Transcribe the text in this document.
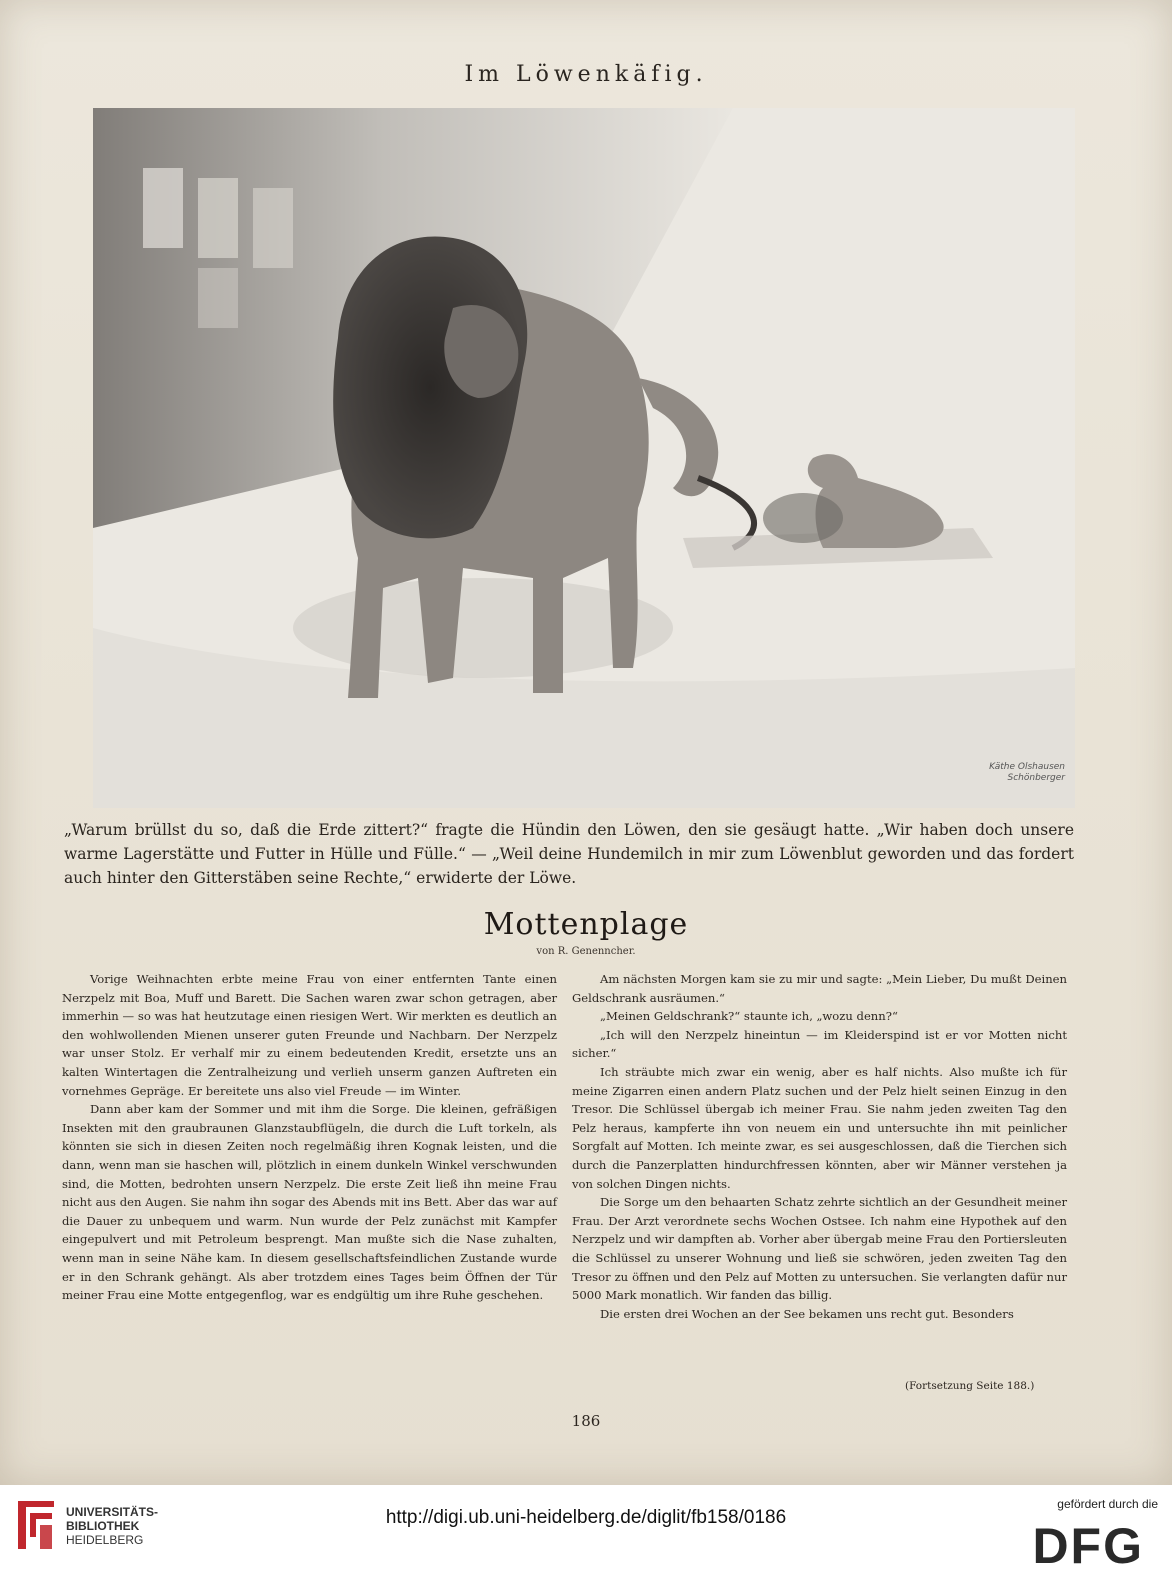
Im Löwenkäfig.
Käthe Olshausen
Schönberger
„Warum brüllst du so, daß die Erde zittert?“ fragte die Hündin den Löwen, den sie gesäugt hatte. „Wir haben doch unsere warme Lagerstätte und Futter in Hülle und Fülle.“ — „Weil deine Hundemilch in mir zum Löwenblut geworden und das fordert auch hinter den Gitterstäben seine Rechte,“ erwiderte der Löwe.
Mottenplage
von R. Genenncher.

Vorige Weihnachten erbte meine Frau von einer entfernten Tante einen Nerzpelz mit Boa, Muff und Barett. Die Sachen waren zwar schon getragen, aber immerhin — so was hat heutzutage einen riesigen Wert. Wir merkten es deutlich an den wohlwollenden Mienen unserer guten Freunde und Nachbarn. Der Nerzpelz war unser Stolz. Er verhalf mir zu einem bedeutenden Kredit, ersetzte uns an kalten Wintertagen die Zentralheizung und verlieh unserm ganzen Auftreten ein vornehmes Gepräge. Er bereitete uns also viel Freude — im Winter.

Dann aber kam der Sommer und mit ihm die Sorge. Die kleinen, gefräßigen Insekten mit den graubraunen Glanzstaubflügeln, die durch die Luft torkeln, als könnten sie sich in diesen Zeiten noch regelmäßig ihren Kognak leisten, und die dann, wenn man sie haschen will, plötzlich in einem dunkeln Winkel verschwunden sind, die Motten, bedrohten unsern Nerzpelz. Die erste Zeit ließ ihn meine Frau nicht aus den Augen. Sie nahm ihn sogar des Abends mit ins Bett. Aber das war auf die Dauer zu unbequem und warm. Nun wurde der Pelz zunächst mit Kampfer eingepulvert und mit Petroleum besprengt. Man mußte sich die Nase zuhalten, wenn man in seine Nähe kam. In diesem gesellschaftsfeindlichen Zustande wurde er in den Schrank gehängt. Als aber trotzdem eines Tages beim Öffnen der Tür meiner Frau eine Motte entgegenflog, war es endgültig um ihre Ruhe geschehen.

Am nächsten Morgen kam sie zu mir und sagte: „Mein Lieber, Du mußt Deinen Geldschrank ausräumen.“

„Meinen Geldschrank?“ staunte ich, „wozu denn?“

„Ich will den Nerzpelz hineintun — im Kleiderspind ist er vor Motten nicht sicher.“

Ich sträubte mich zwar ein wenig, aber es half nichts. Also mußte ich für meine Zigarren einen andern Platz suchen und der Pelz hielt seinen Einzug in den Tresor. Die Schlüssel übergab ich meiner Frau. Sie nahm jeden zweiten Tag den Pelz heraus, kampferte ihn von neuem ein und untersuchte ihn mit peinlicher Sorgfalt auf Motten. Ich meinte zwar, es sei ausgeschlossen, daß die Tierchen sich durch die Panzerplatten hindurchfressen könnten, aber wir Männer verstehen ja von solchen Dingen nichts.

Die Sorge um den behaarten Schatz zehrte sichtlich an der Gesundheit meiner Frau. Der Arzt verordnete sechs Wochen Ostsee. Ich nahm eine Hypothek auf den Nerzpelz und wir dampften ab. Vorher aber übergab meine Frau den Portiersleuten die Schlüssel zu unserer Wohnung und ließ sie schwören, jeden zweiten Tag den Tresor zu öffnen und den Pelz auf Motten zu untersuchen. Sie verlangten dafür nur 5000 Mark monatlich. Wir fanden das billig.

Die ersten drei Wochen an der See bekamen uns recht gut. Besonders

(Fortsetzung Seite 188.)
186
UNIVERSITÄTS-
BIBLIOTHEK
HEIDELBERG
http://digi.ub.uni-heidelberg.de/diglit/fb158/0186
gefördert durch die
DFG
